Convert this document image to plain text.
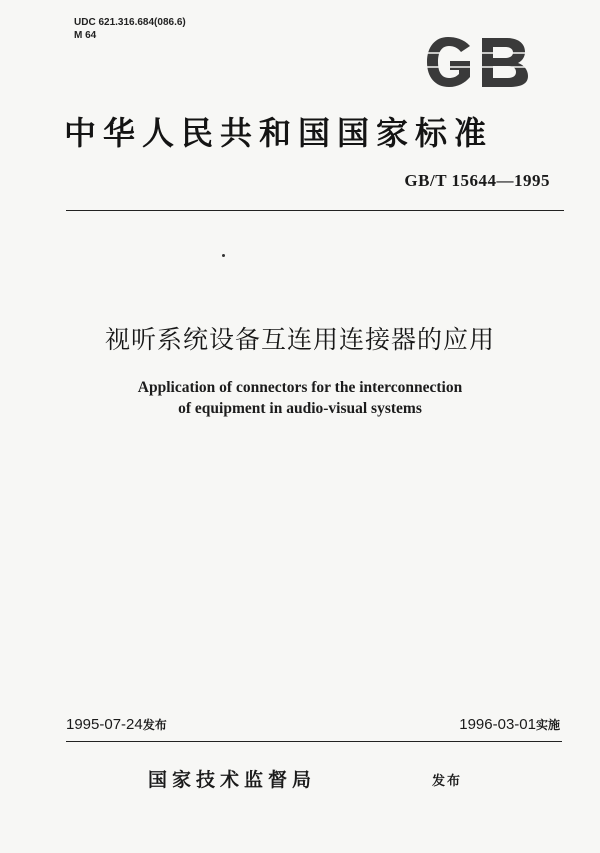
UDC 621.316.684(086.6)
M 64
中华人民共和国国家标准
GB/T 15644—1995
视听系统设备互连用连接器的应用
Application of connectors for the interconnection
of equipment in audio-visual systems
1995-07-24发布	1996-03-01实施
国家技术监督局	发布
